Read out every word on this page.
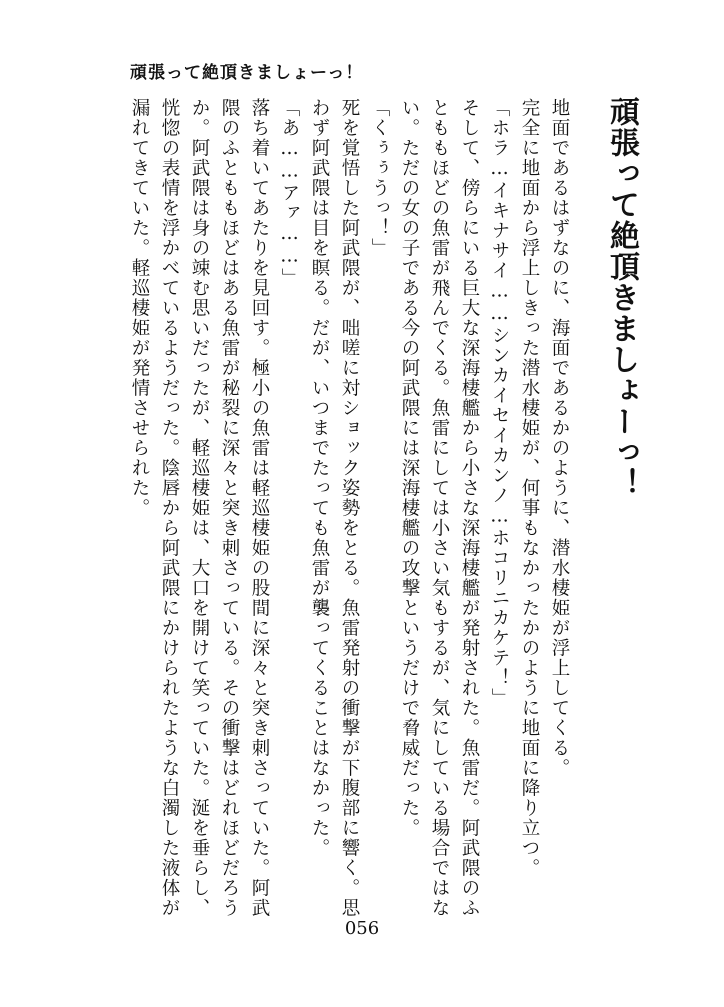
頑張って絶頂きましょーっ！
頑張って絶頂きましょーっ！

地面であるはずなのに、海面であるかのように、潜水棲姫が浮上してくる。

完全に地面から浮上しきった潜水棲姫が、何事もなかったかのように地面に降り立つ。

「ホラ…イキナサイ……シンカイセイカンノ…ホコリニカケテ！」

そして、傍らにいる巨大な深海棲艦から小さな深海棲艦が発射された。魚雷だ。阿武隈のふとももほどの魚雷が飛んでくる。魚雷にしては小さい気もするが、気にしている場合ではない。ただの女の子である今の阿武隈には深海棲艦の攻撃というだけで脅威だった。

「くぅぅうっ！」

死を覚悟した阿武隈が、咄嗟に対ショック姿勢をとる。魚雷発射の衝撃が下腹部に響く。思わず阿武隈は目を瞑る。だが、いつまでたっても魚雷が襲ってくることはなかった。

「あ……アァ……」

落ち着いてあたりを見回す。極小の魚雷は軽巡棲姫の股間に深々と突き刺さっていた。阿武隈のふとももほどはある魚雷が秘裂に深々と突き刺さっている。その衝撃はどれほどだろうか。阿武隈は身の竦む思いだったが、軽巡棲姫は、大口を開けて笑っていた。涎を垂らし、恍惚の表情を浮かべているようだった。陰唇から阿武隈にかけられたような白濁した液体が漏れてきていた。軽巡棲姫が発情させられた。

056
